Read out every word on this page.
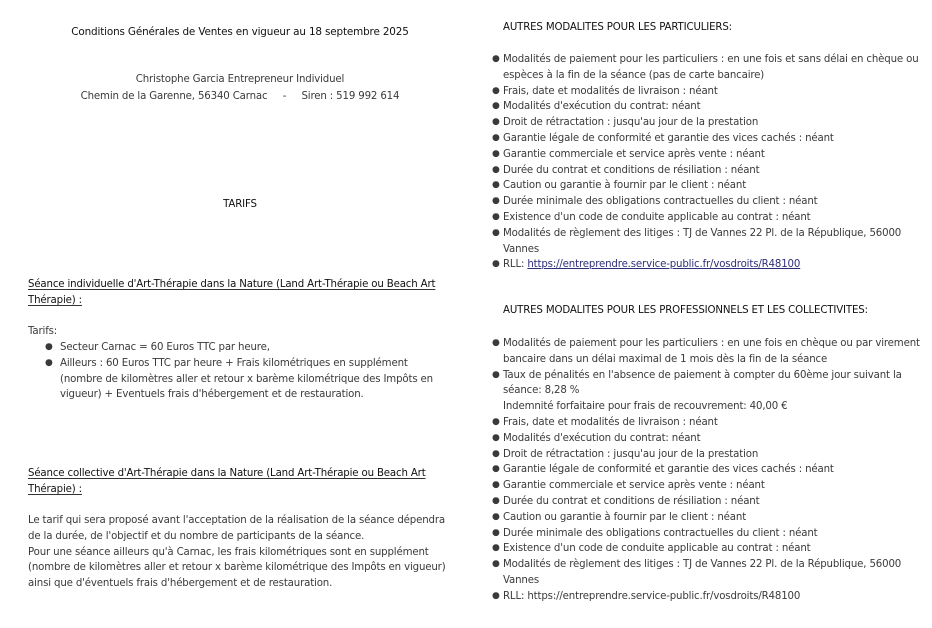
Conditions Générales de Ventes en vigueur au 18 septembre 2025
Christophe Garcia Entrepreneur Individuel
Chemin de la Garenne, 56340 Carnac - Siren : 519 992 614
TARIFS
Séance individuelle d'Art-Thérapie dans la Nature (Land Art-Thérapie ou Beach Art Thérapie) :
Tarifs:
● Secteur Carnac = 60 Euros TTC par heure,
● Ailleurs : 60 Euros TTC par heure + Frais kilométriques en supplément (nombre de kilomètres aller et retour x barème kilométrique des Impôts en vigueur) + Eventuels frais d'hébergement et de restauration.
Séance collective d'Art-Thérapie dans la Nature (Land Art-Thérapie ou Beach Art Thérapie) :

Le tarif qui sera proposé avant l'acceptation de la réalisation de la séance dépendra de la durée, de l'objectif et du nombre de participants de la séance.

Pour une séance ailleurs qu'à Carnac, les frais kilométriques sont en supplément (nombre de kilomètres aller et retour x barème kilométrique des Impôts en vigueur) ainsi que d'éventuels frais d'hébergement et de restauration.

AUTRES MODALITES POUR LES PARTICULIERS:
● Modalités de paiement pour les particuliers : en une fois et sans délai en chèque ou espèces à la fin de la séance (pas de carte bancaire)
● Frais, date et modalités de livraison : néant
● Modalités d'exécution du contrat: néant
● Droit de rétractation : jusqu'au jour de la prestation
● Garantie légale de conformité et garantie des vices cachés : néant
● Garantie commerciale et service après vente : néant
● Durée du contrat et conditions de résiliation : néant
● Caution ou garantie à fournir par le client : néant
● Durée minimale des obligations contractuelles du client : néant
● Existence d'un code de conduite applicable au contrat : néant
● Modalités de règlement des litiges : TJ de Vannes 22 Pl. de la République, 56000 Vannes
● RLL: https://entreprendre.service-public.fr/vosdroits/R48100
AUTRES MODALITES POUR LES PROFESSIONNELS ET LES COLLECTIVITES:
● Modalités de paiement pour les particuliers : en une fois en chèque ou par virement bancaire dans un délai maximal de 1 mois dès la fin de la séance
● Taux de pénalités en l'absence de paiement à compter du 60ème jour suivant la séance: 8,28 %
Indemnité forfaitaire pour frais de recouvrement: 40,00 €
● Frais, date et modalités de livraison : néant
● Modalités d'exécution du contrat: néant
● Droit de rétractation : jusqu'au jour de la prestation
● Garantie légale de conformité et garantie des vices cachés : néant
● Garantie commerciale et service après vente : néant
● Durée du contrat et conditions de résiliation : néant
● Caution ou garantie à fournir par le client : néant
● Durée minimale des obligations contractuelles du client : néant
● Existence d'un code de conduite applicable au contrat : néant
● Modalités de règlement des litiges : TJ de Vannes 22 Pl. de la République, 56000 Vannes
● RLL: https://entreprendre.service-public.fr/vosdroits/R48100
